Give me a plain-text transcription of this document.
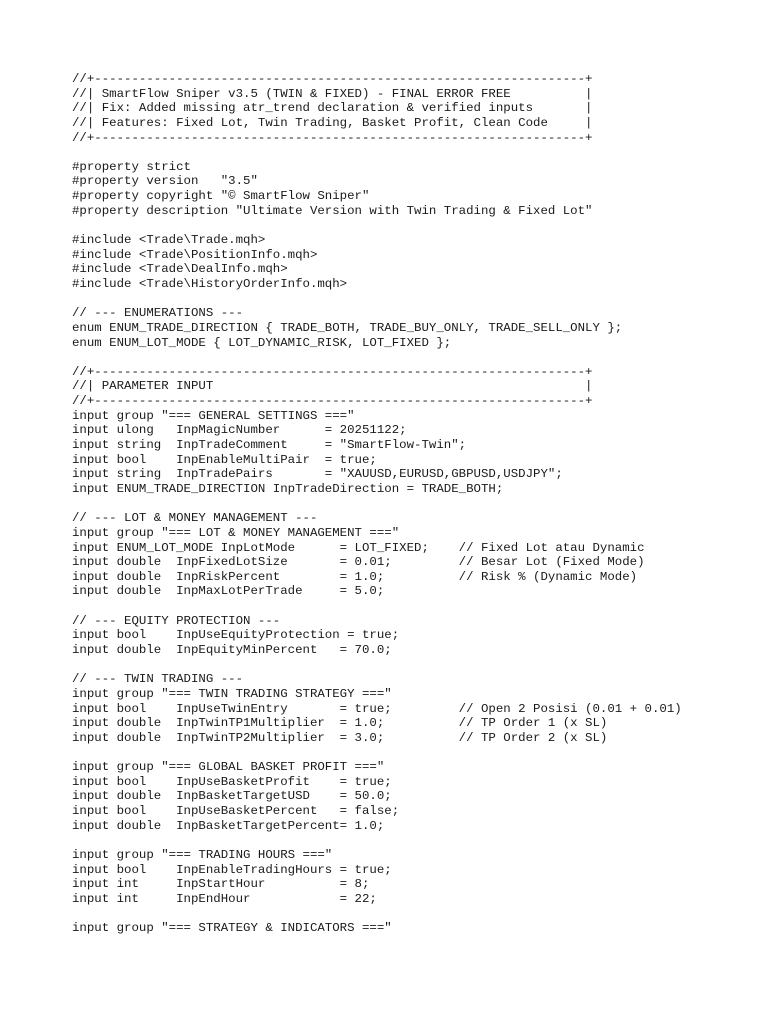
//+------------------------------------------------------------------+
//| SmartFlow Sniper v3.5 (TWIN & FIXED) - FINAL ERROR FREE          |
//| Fix: Added missing atr_trend declaration & verified inputs       |
//| Features: Fixed Lot, Twin Trading, Basket Profit, Clean Code     |
//+------------------------------------------------------------------+
#property strict
#property version   "3.5"
#property copyright "© SmartFlow Sniper"
#property description "Ultimate Version with Twin Trading & Fixed Lot"
#include <Trade\Trade.mqh>
#include <Trade\PositionInfo.mqh>
#include <Trade\DealInfo.mqh>
#include <Trade\HistoryOrderInfo.mqh>
// --- ENUMERATIONS ---
enum ENUM_TRADE_DIRECTION { TRADE_BOTH, TRADE_BUY_ONLY, TRADE_SELL_ONLY };
enum ENUM_LOT_MODE { LOT_DYNAMIC_RISK, LOT_FIXED };
//+------------------------------------------------------------------+
//| PARAMETER INPUT                                                  |
//+------------------------------------------------------------------+
input group "=== GENERAL SETTINGS ==="
input ulong   InpMagicNumber      = 20251122;
input string  InpTradeComment     = "SmartFlow-Twin";
input bool    InpEnableMultiPair  = true;
input string  InpTradePairs       = "XAUUSD,EURUSD,GBPUSD,USDJPY";
input ENUM_TRADE_DIRECTION InpTradeDirection = TRADE_BOTH;
// --- LOT & MONEY MANAGEMENT ---
input group "=== LOT & MONEY MANAGEMENT ==="
input ENUM_LOT_MODE InpLotMode      = LOT_FIXED;    // Fixed Lot atau Dynamic
input double  InpFixedLotSize       = 0.01;         // Besar Lot (Fixed Mode)
input double  InpRiskPercent        = 1.0;          // Risk % (Dynamic Mode)
input double  InpMaxLotPerTrade     = 5.0;
// --- EQUITY PROTECTION ---
input bool    InpUseEquityProtection = true;
input double  InpEquityMinPercent   = 70.0;
// --- TWIN TRADING ---
input group "=== TWIN TRADING STRATEGY ==="
input bool    InpUseTwinEntry       = true;         // Open 2 Posisi (0.01 + 0.01)
input double  InpTwinTP1Multiplier  = 1.0;          // TP Order 1 (x SL)
input double  InpTwinTP2Multiplier  = 3.0;          // TP Order 2 (x SL)
input group "=== GLOBAL BASKET PROFIT ==="
input bool    InpUseBasketProfit    = true;
input double  InpBasketTargetUSD    = 50.0;
input bool    InpUseBasketPercent   = false;
input double  InpBasketTargetPercent= 1.0;
input group "=== TRADING HOURS ==="
input bool    InpEnableTradingHours = true;
input int     InpStartHour          = 8;
input int     InpEndHour            = 22;
input group "=== STRATEGY & INDICATORS ==="
